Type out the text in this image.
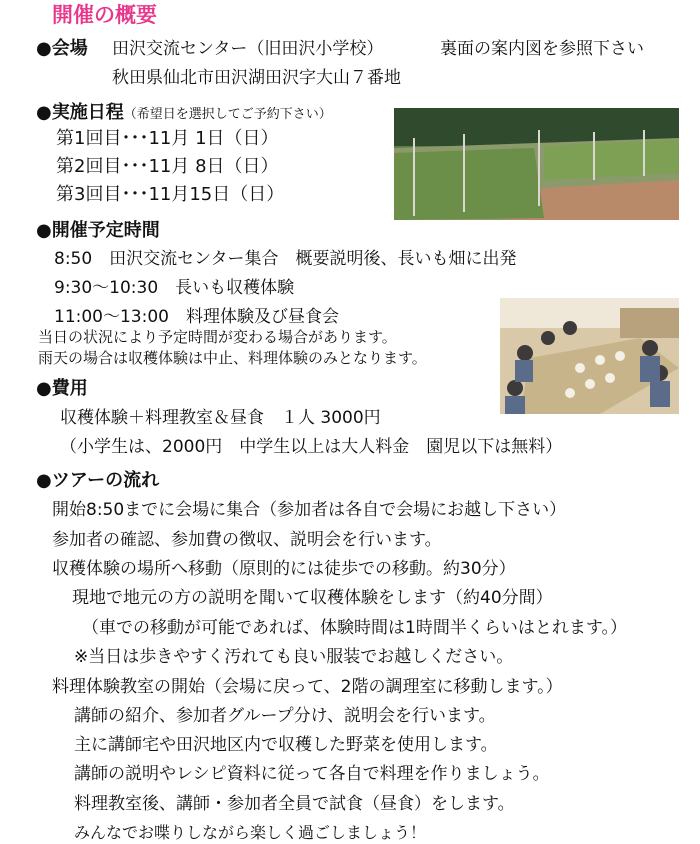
開催の概要
●会場 田沢交流センター（旧田沢小学校）	裏面の案内図を参照下さい
秋田県仙北市田沢湖田沢字大山７番地
●実施日程（希望日を選択してご予約下さい）
第1回目･･･11月 1日（日）
第2回目･･･11月 8日（日）
第3回目･･･11月15日（日）
●開催予定時間
8:50　田沢交流センター集合　概要説明後、長いも畑に出発
9:30〜10:30　長いも収穫体験
11:00〜13:00　料理体験及び昼食会
当日の状況により予定時間が変わる場合があります。
雨天の場合は収穫体験は中止、料理体験のみとなります。
●費用
収穫体験＋料理教室＆昼食　１人 3000円
（小学生は、2000円　中学生以上は大人料金　園児以下は無料）
●ツアーの流れ
開始8:50までに会場に集合（参加者は各自で会場にお越し下さい）
参加者の確認、参加費の徴収、説明会を行います。
収穫体験の場所へ移動（原則的には徒歩での移動。約30分）
現地で地元の方の説明を聞いて収穫体験をします（約40分間）
（車での移動が可能であれば、体験時間は1時間半くらいはとれます。）
※当日は歩きやすく汚れても良い服装でお越しください。
料理体験教室の開始（会場に戻って、2階の調理室に移動します。）
講師の紹介、参加者グループ分け、説明会を行います。
主に講師宅や田沢地区内で収穫した野菜を使用します。
講師の説明やレシピ資料に従って各自で料理を作りましょう。
料理教室後、講師・参加者全員で試食（昼食）をします。
みんなでお喋りしながら楽しく過ごしましょう！
